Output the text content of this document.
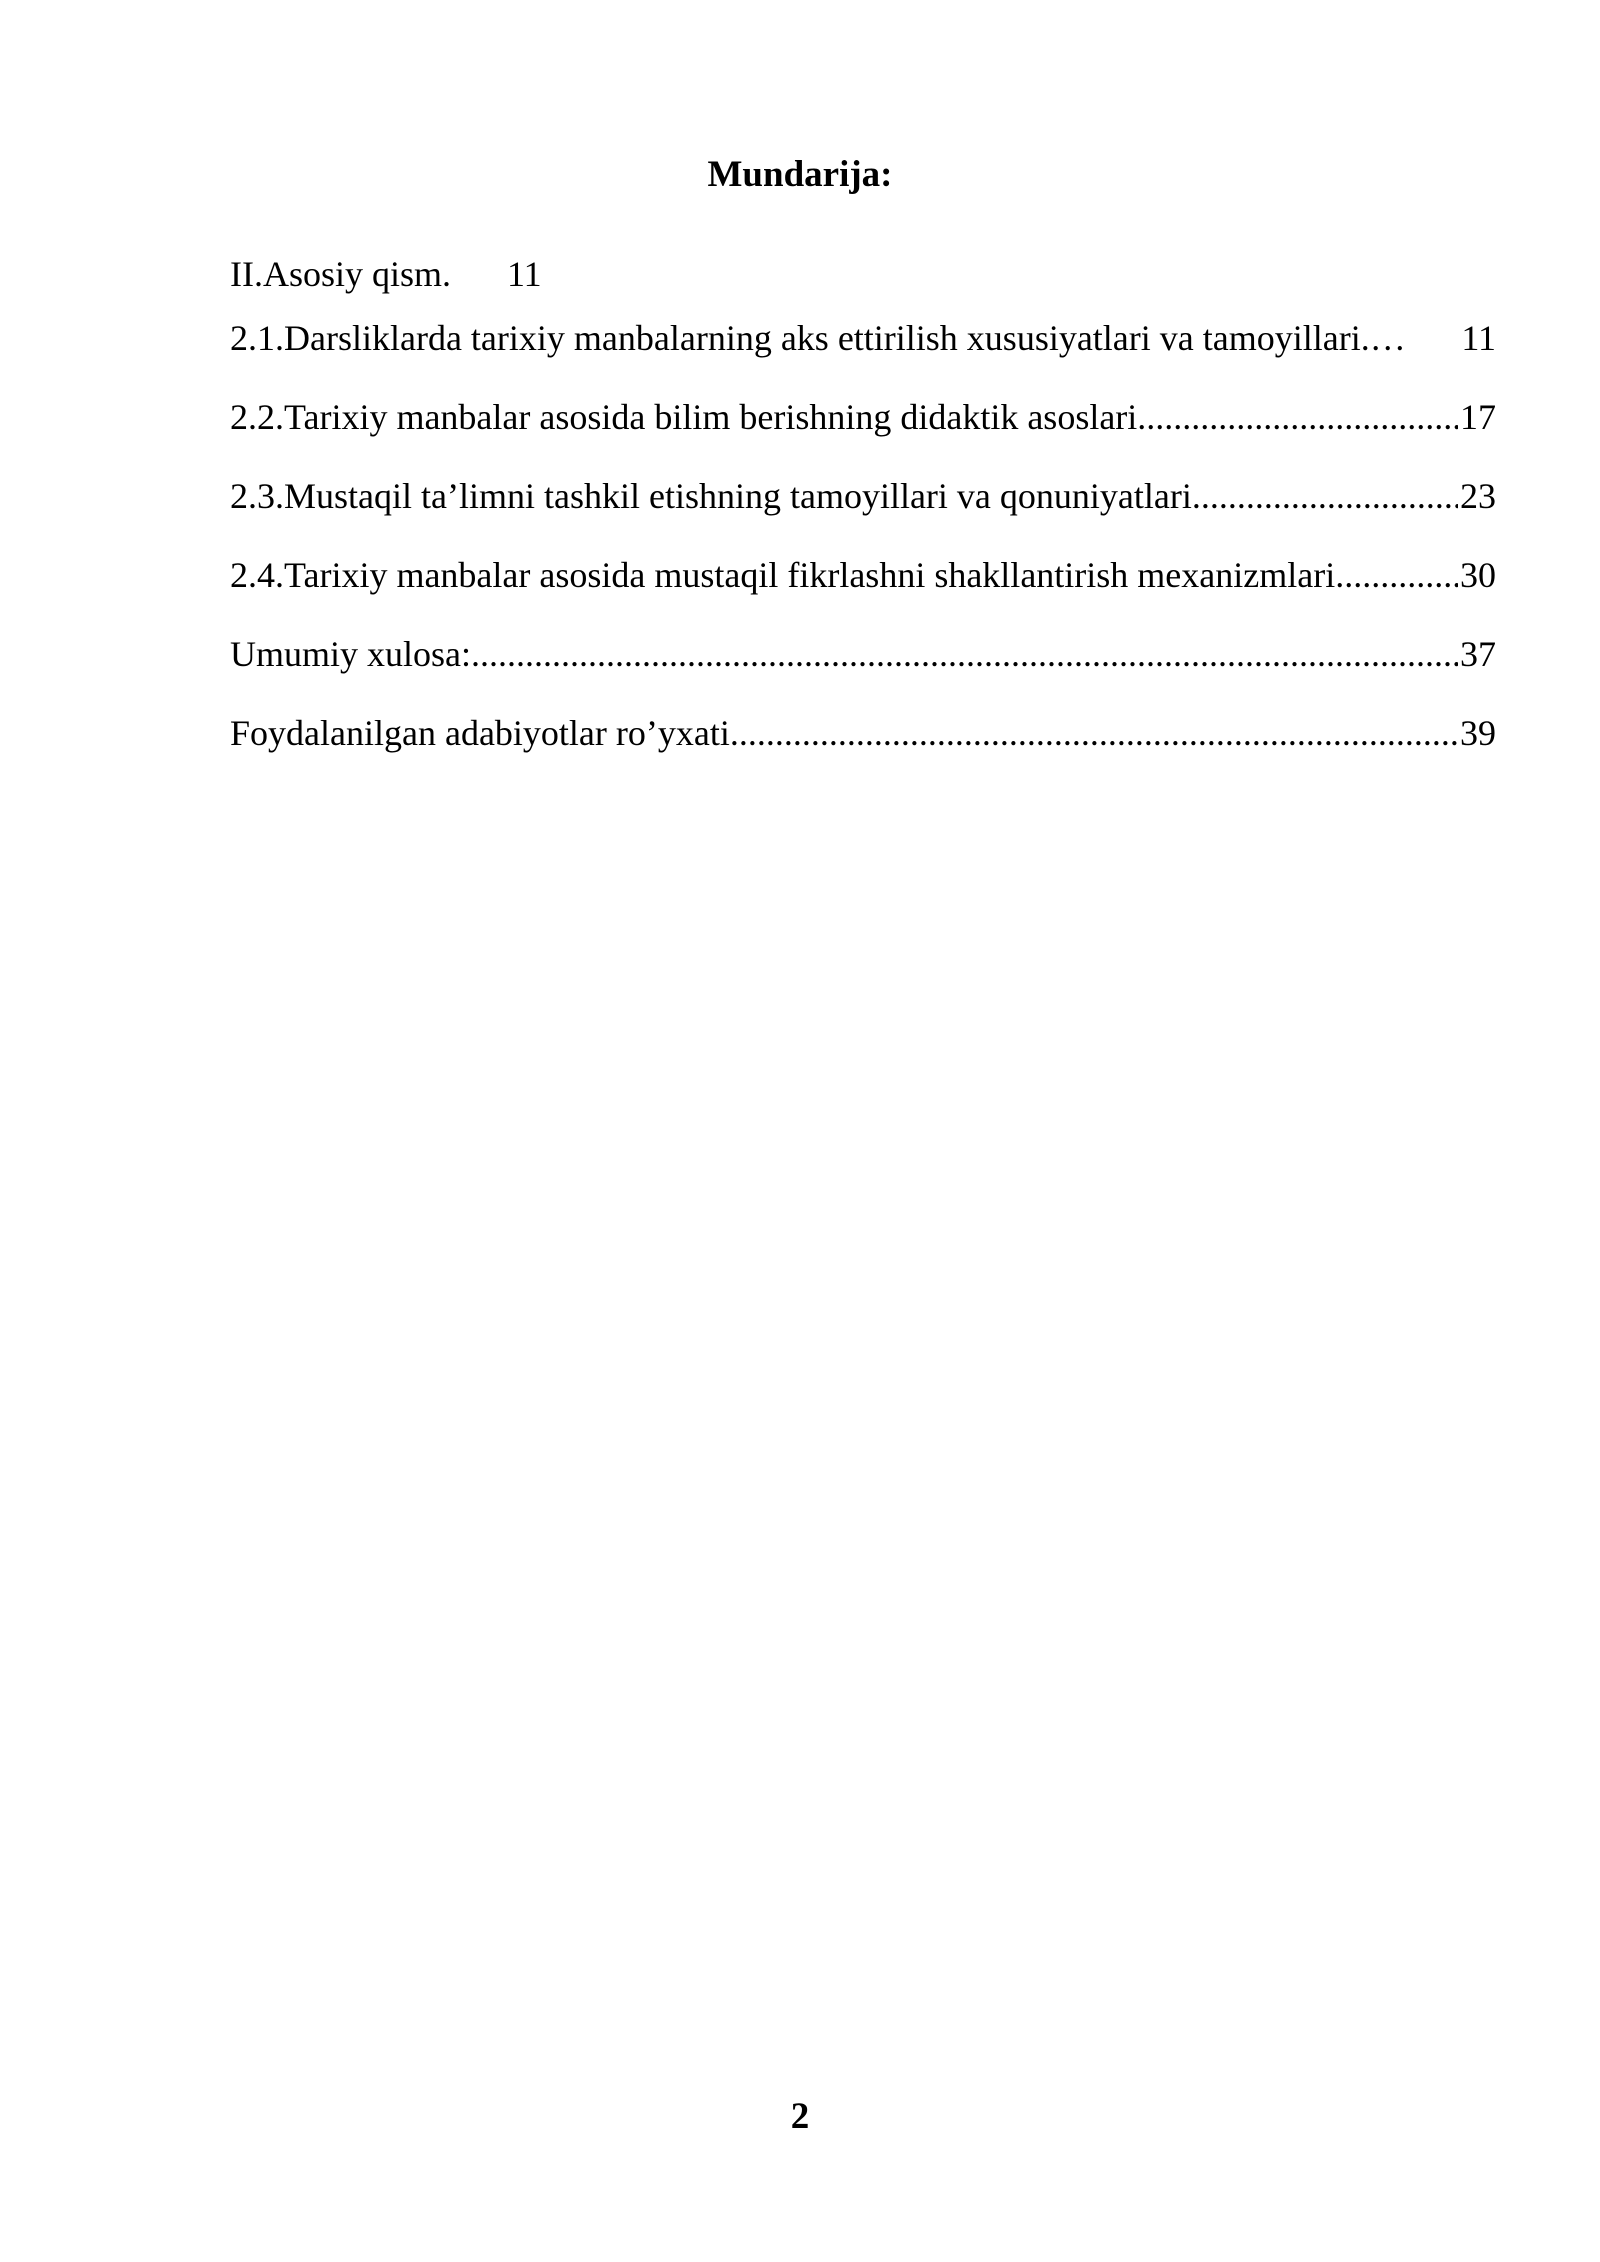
Mundarija:
II.Asosiy qism. 11
2.1.Darsliklarda tarixiy manbalarning aks ettirilish xususiyatlari va tamoyillari. …	11
2.2.Tarixiy manbalar asosida bilim berishning didaktik asoslari .....	17
2.3.Mustaqil ta’limni tashkil etishning tamoyillari va qonuniyatlari .....	23
2.4.Tarixiy manbalar asosida mustaqil fikrlashni shakllantirish mexanizmlari .....	30
Umumiy xulosa: .....	37
Foydalanilgan adabiyotlar ro’yxati .....	39
2
